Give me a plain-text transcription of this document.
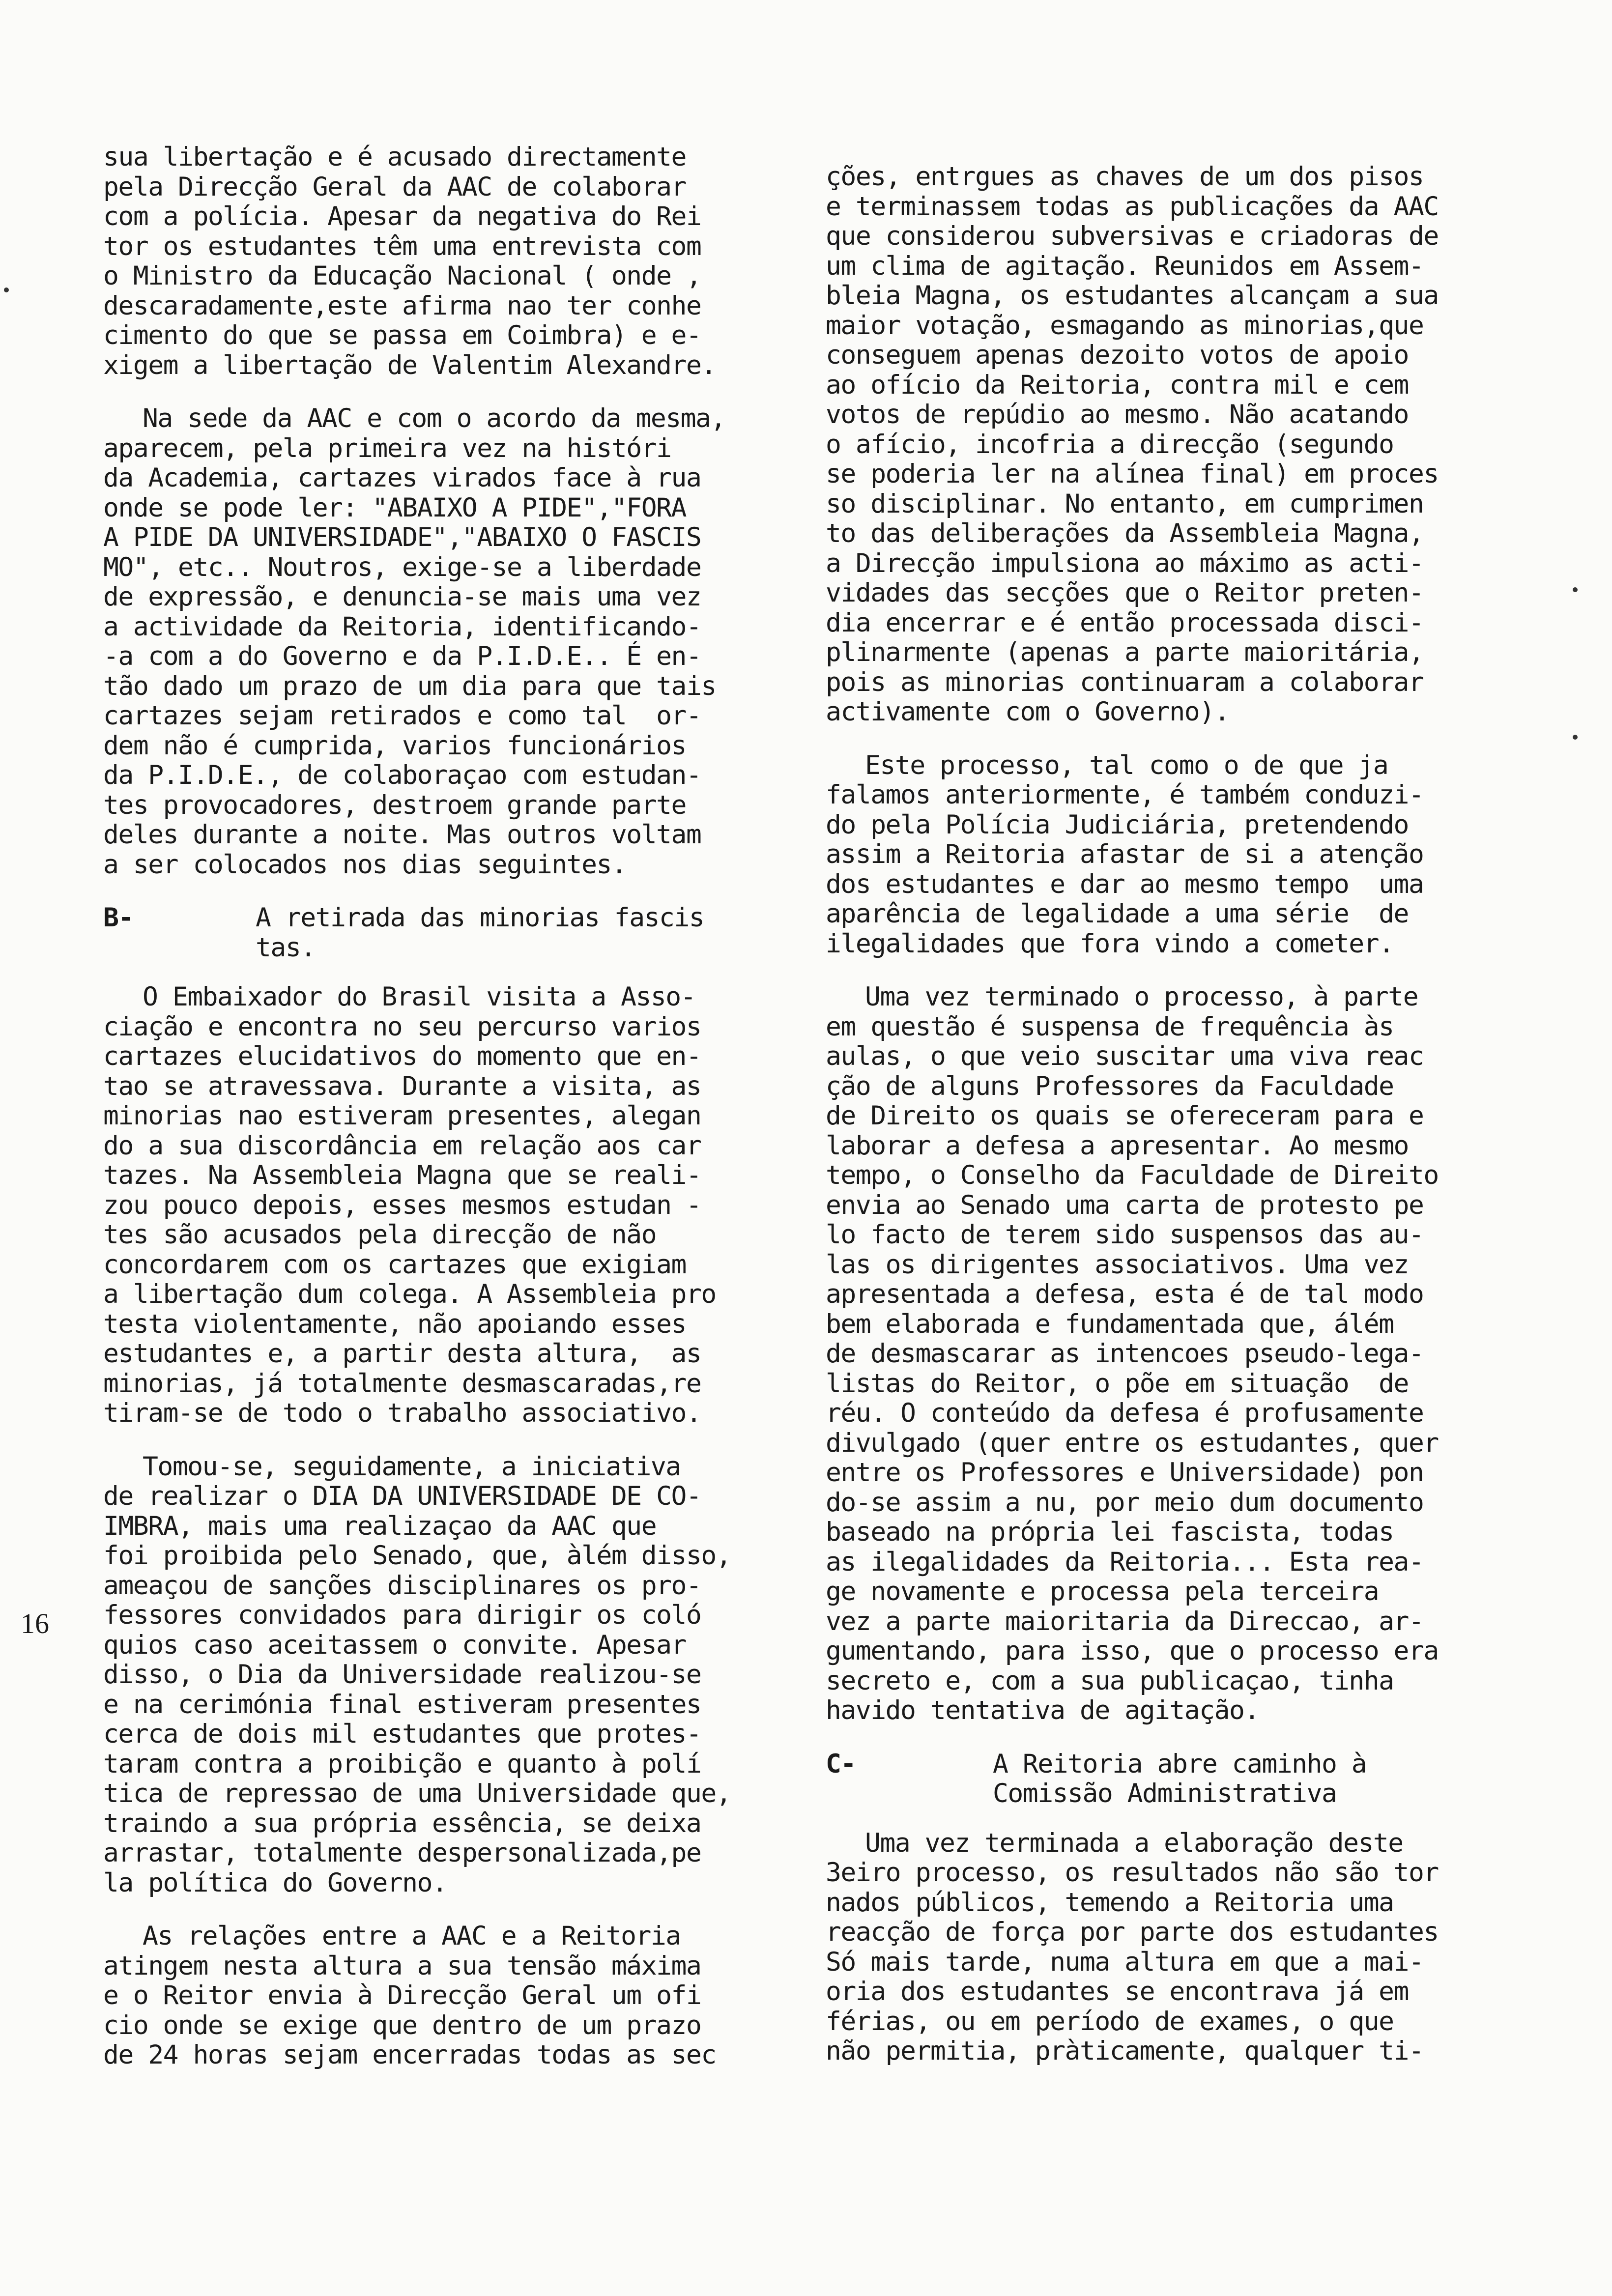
sua libertação e é acusado directamente
pela Direcção Geral da AAC de colaborar
com a polícia. Apesar da negativa do Rei
tor os estudantes têm uma entrevista com
o Ministro da Educação Nacional ( onde ,
descaradamente,este afirma nao ter conhe
cimento do que se passa em Coimbra) e e-
xigem a libertação de Valentim Alexandre.
Na sede da AAC e com o acordo da mesma,
aparecem, pela primeira vez na históri
da Academia, cartazes virados face à rua
onde se pode ler: "ABAIXO A PIDE","FORA
A PIDE DA UNIVERSIDADE","ABAIXO O FASCIS
MO", etc.. Noutros, exige-se a liberdade
de expressão, e denuncia-se mais uma vez
a actividade da Reitoria, identificando-
-a com a do Governo e da P.I.D.E.. É en-
tão dado um prazo de um dia para que tais
cartazes sejam retirados e como tal  or-
dem não é cumprida, varios funcionários
da P.I.D.E., de colaboraçao com estudan-
tes provocadores, destroem grande parte
deles durante a noite. Mas outros voltam
a ser colocados nos dias seguintes.
B-	A retirada das minorias fascis
tas.
O Embaixador do Brasil visita a Asso-
ciação e encontra no seu percurso varios
cartazes elucidativos do momento que en-
tao se atravessava. Durante a visita, as
minorias nao estiveram presentes, alegan
do a sua discordância em relação aos car
tazes. Na Assembleia Magna que se reali-
zou pouco depois, esses mesmos estudan -
tes são acusados pela direcção de não
concordarem com os cartazes que exigiam
a libertação dum colega. A Assembleia pro
testa violentamente, não apoiando esses
estudantes e, a partir desta altura,  as
minorias, já totalmente desmascaradas,re
tiram-se de todo o trabalho associativo.
Tomou-se, seguidamente, a iniciativa
de realizar o DIA DA UNIVERSIDADE DE CO-
IMBRA, mais uma realizaçao da AAC que
foi proibida pelo Senado, que, àlém disso,
ameaçou de sanções disciplinares os pro-
fessores convidados para dirigir os coló
quios caso aceitassem o convite. Apesar
disso, o Dia da Universidade realizou-se
e na cerimónia final estiveram presentes
cerca de dois mil estudantes que protes-
taram contra a proibição e quanto à polí
tica de repressao de uma Universidade que,
traindo a sua própria essência, se deixa
arrastar, totalmente despersonalizada,pe
la política do Governo.
As relações entre a AAC e a Reitoria
atingem nesta altura a sua tensão máxima
e o Reitor envia à Direcção Geral um ofi
cio onde se exige que dentro de um prazo
de 24 horas sejam encerradas todas as sec
ções, entrgues as chaves de um dos pisos
e terminassem todas as publicações da AAC
que considerou subversivas e criadoras de
um clima de agitação. Reunidos em Assem-
bleia Magna, os estudantes alcançam a sua
maior votação, esmagando as minorias,que
conseguem apenas dezoito votos de apoio
ao ofício da Reitoria, contra mil e cem
votos de repúdio ao mesmo. Não acatando
o afício, incofria a direcção (segundo
se poderia ler na alínea final) em proces
so disciplinar. No entanto, em cumprimen
to das deliberações da Assembleia Magna,
a Direcção impulsiona ao máximo as acti-
vidades das secções que o Reitor preten-
dia encerrar e é então processada disci-
plinarmente (apenas a parte maioritária,
pois as minorias continuaram a colaborar
activamente com o Governo).
Este processo, tal como o de que ja
falamos anteriormente, é também conduzi-
do pela Polícia Judiciária, pretendendo
assim a Reitoria afastar de si a atenção
dos estudantes e dar ao mesmo tempo  uma
aparência de legalidade a uma série  de
ilegalidades que fora vindo a cometer.
Uma vez terminado o processo, à parte
em questão é suspensa de frequência às
aulas, o que veio suscitar uma viva reac
ção de alguns Professores da Faculdade
de Direito os quais se ofereceram para e
laborar a defesa a apresentar. Ao mesmo
tempo, o Conselho da Faculdade de Direito
envia ao Senado uma carta de protesto pe
lo facto de terem sido suspensos das au-
las os dirigentes associativos. Uma vez
apresentada a defesa, esta é de tal modo
bem elaborada e fundamentada que, álém
de desmascarar as intencoes pseudo-lega-
listas do Reitor, o põe em situação  de
réu. O conteúdo da defesa é profusamente
divulgado (quer entre os estudantes, quer
entre os Professores e Universidade) pon
do-se assim a nu, por meio dum documento
baseado na própria lei fascista, todas
as ilegalidades da Reitoria... Esta rea-
ge novamente e processa pela terceira
vez a parte maioritaria da Direccao, ar-
gumentando, para isso, que o processo era
secreto e, com a sua publicaçao, tinha
havido tentativa de agitação.
C-	A Reitoria abre caminho à
Comissão Administrativa
Uma vez terminada a elaboração deste
3eiro processo, os resultados não são tor
nados públicos, temendo a Reitoria uma
reacção de força por parte dos estudantes
Só mais tarde, numa altura em que a mai-
oria dos estudantes se encontrava já em
férias, ou em período de exames, o que
não permitia, pràticamente, qualquer ti-
16
